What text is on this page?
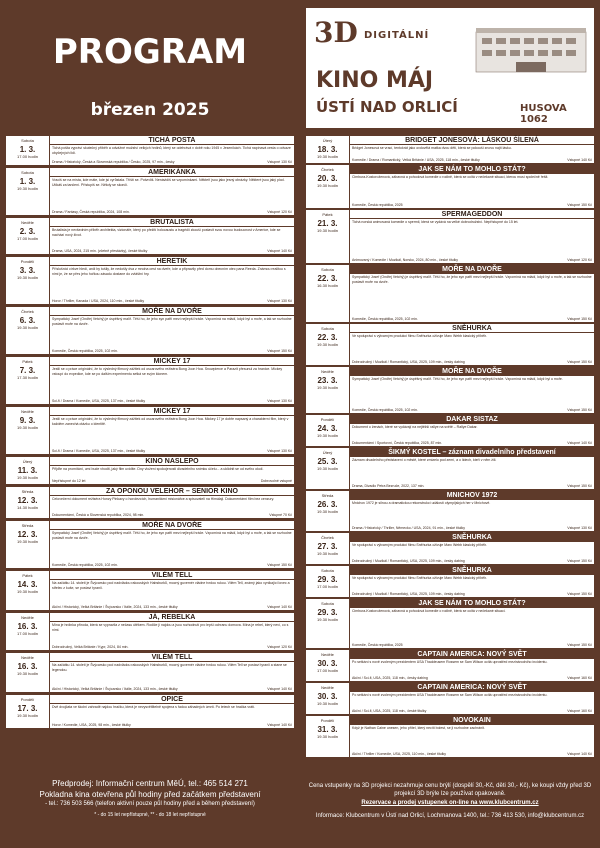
PROGRAM
březen 2025
3D DIGITÁLNÍ
KINO MÁJ
ÚSTÍ NAD ORLICÍ	HUSOVA 1062
Sobota
1. 3.
17.00 hodin
TICHÁ POSTA
Tichá pošta vypráví skutečný příběh a odvážné mužství velkých hrdinů, který se odehrává v době roku 1945 v Jeseníkách. Tichá napínavá cesta o odvaze obyčejných lidí.
Vstupné 130 Kč
Drama / Historický, Česká a Slovenská republika / Česko, 2025, 97 min., česky
Sobota
1. 3.
19.30 hodin
AMERIKÁNKA
Vracíš se na místa, kde máte, kde jsi vyrůstala. Tříští se. Potvrdíš. Nenávidíš se vzpomínkami. Někteří jsou jako jesný obrázky. Některé jsou jaký plod. Utíkáš za tančení. Přístupíš se. Někdy se skončí.
Vstupné 120 Kč
Drama / Fantasy, Česká republika, 2024, 108 min.
Neděle
2. 3.
17.00 hodin
BRUTALISTA
Brutalista je nevšedním příběh architekta, vizionáře, který po přežití holocaustu a tragédií zkouší postavit svou novou budoucnost v Americe, kde se nachází nový život.
Vstupné 140 Kč
Drama, USA, 2024, 215 min. (včetně přestávky), české titulky
Pondělí
3. 3.
19.30 hodin
HERETIK
Příslušníci církve hledí, aniž by tušily, že nedošly dva z mnoha cest na dveře, kde a připravily před domu obecním otec pana Reeda. Známou realitou s nimi je, že se přes jeho hořkou zásadu dostane do zvláštní hry.
Vstupné 130 Kč
Horor / Thriller, Kanada / USA, 2024, 110 min., české titulky
Čtvrtek
6. 3.
19.30 hodin
MOŘE NA DVOŘE
Sympatický Josef (Ondřej Vetchý) je úspěšný malíř. Těší ho, že jeho syn patří mezi nejlepší hráče. Vzpomíná na mládí, když byl u moře, a tak se rozhodne postavit moře na dvoře.
Vstupné 150 Kč
Komedie, Česká republika, 2025, 102 min.
Pátek
7. 3.
17.30 hodin
MICKEY 17
Jestli se o práce originální, že to výsledný filmový zážitek od oscarového režiséra Bong Joon Hoa. Snowpierce a Parazit přesunul za hranice. Mickey vstoupí do expedice, kde se po dalším experimentu setká se svým klonem.
Vstupné 130 Kč
Sci-fi / Drama / Komedie, USA, 2025, 137 min., české titulky
Neděle
9. 3.
19.30 hodin
MICKEY 17
Jestli se o práce originální, že to výsledný filmový zážitek od oscarového režiséra Bong Joon Hoa. Mickey 17 je dobře napsaný a charakterní film, který v každém zanechá otázku o identitě.
Vstupné 130 Kč
Sci-fi / Drama / Komedie, USA, 2025, 137 min., české titulky
Úterý
11. 3.
19.30 hodin
KINO NASLEPO
Přijďte na promítání, umí bude vhodit, jaký film uvidíte. Dny vložení spokojenosti divadelního snímku účelu... a uklidnit se od svého okolí.
Dobrovolné vstupné
Nepřístupné do 12 let
Středa
12. 3.
14.30 hodin
ZA OPONOU VELEHOR – SENIOR KINO
Celovečerní dokument režiséra Honzy Pinkavy o horolezcích, humanitární misionářce a spisovateli na Himálaji. Dokumentární film bez cenzury.
Vstupné 70 Kč
Dokumentární, Česká a Slovenská republika, 2024, 98 min.
Středa
12. 3.
19.30 hodin
MOŘE NA DVOŘE
Sympatický Josef (Ondřej Vetchý) je úspěšný malíř. Těší ho, že jeho syn patří mezi nejlepší hráče. Vzpomíná na mládí, když byl u moře, a tak se rozhodne postavit moře na dvoře.
Vstupné 150 Kč
Komedie, Česká republika, 2025, 102 min.
Pátek
14. 3.
19.30 hodin
VILÉM TELL
Na začátku 14. století je Švýcarsko pod nadvládou rakouských Habsburků, mocný guvernér vládne tvrdou rukou. Vilém Tell, známý jako vynikající lovec a střelec z kuše, se postaví tyranii.
Vstupné 140 Kč
Akční / Historický, Velká Británie / Švýcarsko / Itálie, 2024, 133 min., české titulky
Neděle
16. 3.
17.00 hodin
JÁ, REBELKA
Mína je hrdinka příroda, která se vypravila z nečasu útěkem. Rodiče ji najdou a jsou rozhodnutí pro lepší ochranu domova. Mína je rebel, který neví, co s nimi.
Vstupné 120 Kč
Dobrodružný, Velká Británie / Kypr, 2024, 84 min.
Neděle
16. 3.
19.30 hodin
VILÉM TELL
Na začátku 14. století je Švýcarsko pod nadvládou rakouských Habsburků, mocný guvernér vládne tvrdou rukou. Vilém Tell se postaví tyranii a stane se legendou.
Vstupné 140 Kč
Akční / Historický, Velká Británie / Švýcarsko / Itálie, 2024, 133 min., české titulky
Pondělí
17. 3.
19.30 hodin
OPICE
Dvě dvojčata ve školní zahradě najdou hračku, která je nevysvětlitelně spojena s řadou záhadných úmrtí. Po letech se hračka vrátí.
Vstupné 140 Kč
Horor / Komedie, USA, 2025, 98 min., české titulky
Úterý
18. 3.
19.30 hodin
BRIDGET JONESOVÁ: LÁSKOU ŠÍLENÁ
Bridget Jonesová se vrací, tentokrát jako ovdovělá matka dvou dětí, která se pokouší znovu najít lásku.
Vstupné 140 Kč
Komedie / Drama / Romantický, Velká Británie / USA, 2025, 118 min., české titulky
Čtvrtek
20. 3.
19.30 hodin
JAK SE NÁM TO MOHLO STÁT?
Cimbura-Kostoroženová, zábavná a pohodová komedie o rodině, která se ocitá v nečekané situaci, kterou musí společně řešit.
Vstupné 150 Kč
Komedie, Česká republika, 2025
Pátek
21. 3.
19.30 hodin
SPERMAGEDDON
Tichá norská animovaná komedie o spermii, která se vydává na velké dobrodružství. Nepřístupné do 15 let.
Vstupné 120 Kč
Animovaný / Komedie / Muzikál, Norsko, 2024, 80 min., české titulky
Sobota
22. 3.
16.30 hodin
MOŘE NA DVOŘE
Sympatický Josef (Ondřej Vetchý) je úspěšný malíř. Těší ho, že jeho syn patří mezi nejlepší hráče. Vzpomíná na mládí, když byl u moře, a tak se rozhodne postavit moře na dvoře.
Vstupné 150 Kč
Komedie, Česká republika, 2025, 102 min.
Sobota
22. 3.
19.30 hodin
SNĚHURKA
Ve spolupráci s výtvarným produkcí filmu Sněhurka oživuje Marc Webb klasický příběh.
Vstupné 150 Kč
Dobrodružný / Muzikál / Romantický, USA, 2025, 109 min., česky dabing
Neděle
23. 3.
19.30 hodin
MOŘE NA DVOŘE
Sympatický Josef (Ondřej Vetchý) je úspěšný malíř. Těší ho, že jeho syn patří mezi nejlepší hráče. Vzpomíná na mládí, když byl u moře.
Vstupné 150 Kč
Komedie, Česká republika, 2025, 102 min.
Pondělí
24. 3.
19.30 hodin
DAKAR SISTAZ
Dokument o ženách, které se vydávají na nejtěžší rallye na světě – Rallye Dakar.
Vstupné 140 Kč
Dokumentární / Sportovní, Česká republika, 2025, 87 min.
Úterý
25. 3.
19.30 hodin
ŠIKMÝ KOSTEL – záznam divadelního představení
Záznam divadelního představení o městě, které zmizelo pod zemí, a o lidech, kteří v něm žili.
Vstupné 150 Kč
Drama, Divadlo Petra Bezruče, 2022, 137 min.
Středa
26. 3.
19.30 hodin
MNICHOV 1972
Mnichov 1972 je silnou a dramatickou rekonstrukcí událostí olympijských her v Mnichově.
Vstupné 130 Kč
Drama / Historický / Thriller, Německo / USA, 2024, 91 min., české titulky
Čtvrtek
27. 3.
19.30 hodin
SNĚHURKA
Ve spolupráci s výtvarným produkcí filmu Sněhurka oživuje Marc Webb klasický příběh.
Vstupné 150 Kč
Dobrodružný / Muzikál / Romantický, USA, 2025, 109 min., česky dabing
Sobota
29. 3.
17.00 hodin
SNĚHURKA
Ve spolupráci s výtvarným produkcí filmu Sněhurka oživuje Marc Webb klasický příběh.
Vstupné 150 Kč
Dobrodružný / Muzikál / Romantický, USA, 2025, 109 min., česky dabing
Sobota
29. 3.
19.30 hodin
JAK SE NÁM TO MOHLO STÁT?
Cimbura-Kostoroženová, zábavná a pohodová komedie o rodině, která se ocitá v nečekané situaci.
Vstupné 150 Kč
Komedie, Česká republika, 2025
Neděle
30. 3.
17.00 hodin
CAPTAIN AMERICA: NOVÝ SVĚT
Po setkání s nově zvoleným prezidentem USA Thaddeusem Rossem se Sam Wilson ocitá uprostřed mezinárodního incidentu.
Vstupné 160 Kč
Akční / Sci-fi, USA, 2025, 118 min., česky dabing
Neděle
30. 3.
19.30 hodin
CAPTAIN AMERICA: NOVÝ SVĚT
Po setkání s nově zvoleným prezidentem USA Thaddeusem Rossem se Sam Wilson ocitá uprostřed mezinárodního incidentu.
Vstupné 160 Kč
Akční / Sci-fi, USA, 2025, 118 min., české titulky
Pondělí
31. 3.
19.30 hodin
NOVOKAIN
Když je Nathan Caine unesen, jeho přítel, který necítí bolest, se ji rozhodne zachránit.
Vstupné 140 Kč
Akční / Thriller / Komedie, USA, 2025, 110 min., české titulky
Předprodej: Informační centrum MěÚ, tel.: 465 514 271
Pokladna kina otevřena půl hodiny před začátkem představení
- tel.: 736 503 566 (telefon aktivní pouze půl hodiny před a během představení)
* - do 15 let nepřístupné, ** - do 18 let nepřístupné
Cena vstupenky na 3D projekci nezahrnuje cenu brýlí (dospělí 30,-Kč, děti 30,- Kč), ke koupi vždy před 3D projekcí 3D brýle lze používat opakovaně.
Rezervace a prodej vstupenek on-line na www.klubcentrum.cz
Informace: Klubcentrum v Ústí nad Orlicí, Lochmanova 1400, tel.: 736 413 530, info@klubcentrum.cz
